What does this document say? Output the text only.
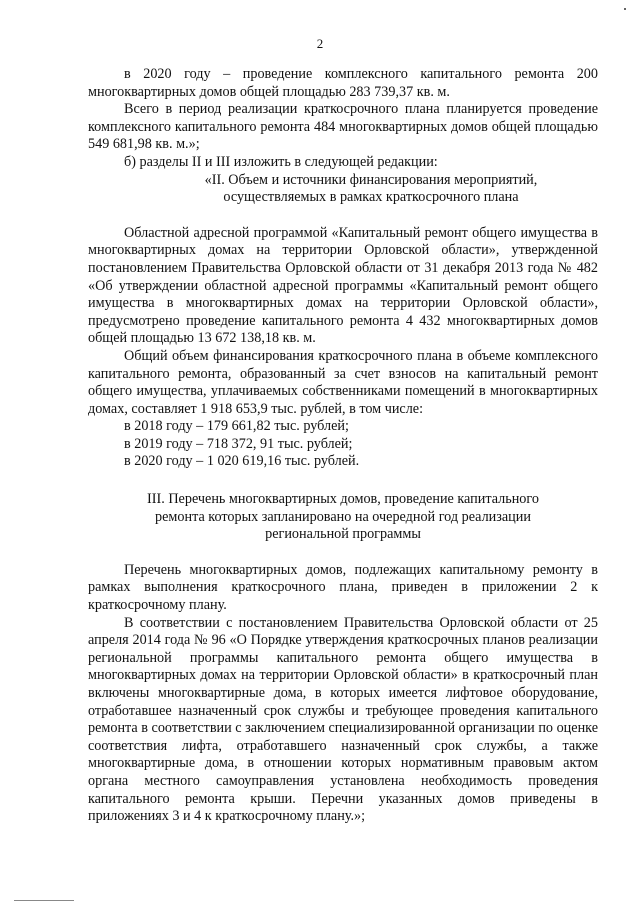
2

в 2020 году – проведение комплексного капитального ремонта 200 многоквартирных домов общей площадью 283 739,37 кв. м.

Всего в период реализации краткосрочного плана планируется проведение комплексного капитального ремонта 484 многоквартирных домов общей площадью 549 681,98 кв. м.»;

б) разделы II и III изложить в следующей редакции:

«II. Объем и источники финансирования мероприятий,
осуществляемых в рамках краткосрочного плана

Областной адресной программой «Капитальный ремонт общего имущества в многоквартирных домах на территории Орловской области», утвержденной постановлением Правительства Орловской области от 31 декабря 2013 года № 482 «Об утверждении областной адресной программы «Капитальный ремонт общего имущества в многоквартирных домах на территории Орловской области», предусмотрено проведение капитального ремонта 4 432 многоквартирных домов общей площадью 13 672 138,18 кв. м.

Общий объем финансирования краткосрочного плана в объеме комплексного капитального ремонта, образованный за счет взносов на капитальный ремонт общего имущества, уплачиваемых собственниками помещений в многоквартирных домах, составляет 1 918 653,9 тыс. рублей, в том числе:

в 2018 году – 179 661,82 тыс. рублей;

в 2019 году – 718 372, 91 тыс. рублей;

в 2020 году – 1 020 619,16 тыс. рублей.

III. Перечень многоквартирных домов, проведение капитального
ремонта которых запланировано на очередной год реализации
региональной программы

Перечень многоквартирных домов, подлежащих капитальному ремонту в рамках выполнения краткосрочного плана, приведен в приложении 2 к краткосрочному плану.

В соответствии с постановлением Правительства Орловской области от 25 апреля 2014 года № 96 «О Порядке утверждения краткосрочных планов реализации региональной программы капитального ремонта общего имущества в многоквартирных домах на территории Орловской области» в краткосрочный план включены многоквартирные дома, в которых имеется лифтовое оборудование, отработавшее назначенный срок службы и требующее проведения капитального ремонта в соответствии с заключением специализированной организации по оценке соответствия лифта, отработавшего назначенный срок службы, а также многоквартирные дома, в отношении которых нормативным правовым актом органа местного самоуправления установлена необходимость проведения капитального ремонта крыши. Перечни указанных домов приведены в приложениях 3 и 4 к краткосрочному плану.»;
